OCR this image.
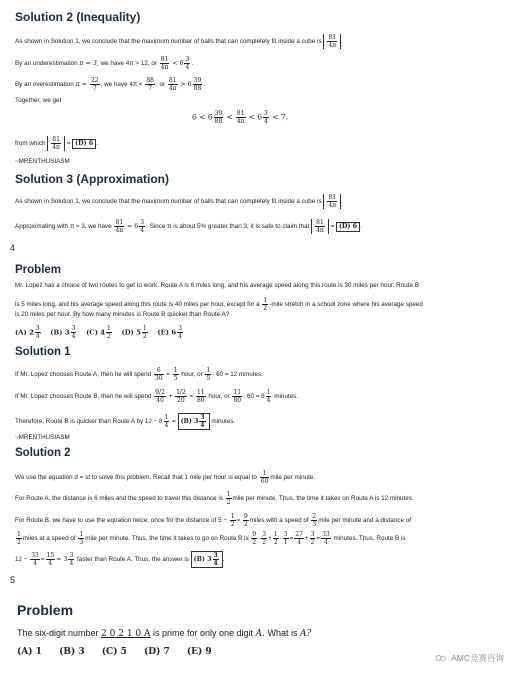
Solution 2 (Inequality)
As shown in Solution 1, we conclude that the maximum number of balls that can completely fit inside a cube is $\frac{81}{4\pi}$ .
By an underestimation π ≈ 3, we have 4π > 12, or $\frac{81}{4\pi} < 6 \frac{3}{4}$ .
By an overestimation $\pi \approx \frac{22}{7}$ , we have $4\pi < \frac{88}{7}$ , or $\frac{81}{4\pi} > 6 \frac{39}{88}$ .
Together, we get
$6 < 6 \frac{39}{88} < \frac{81}{4\pi} < 6 \frac{3}{4} < 7$,
from which $\frac{81}{4\pi} = (D)$ 6 .
~MRENTHUSIASM
Solution 3 (Approximation)
As shown in Solution 1, we conclude that the maximum number of balls that can completely fit inside a cube is $\frac{81}{4\pi}$ .
Approximating with π ≈ 3, we have $\frac{81}{4\pi} \approx 6 \frac{3}{4}$ . Since π is about 5% greater than 3, it is safe to claim that $\frac{81}{4\pi} = (D)$ 6 .
4
Problem
Mr. Lopez has a choice of two routes to get to work. Route A is 6 miles long, and his average speed along this route is 30 miles per hour. Route B
is 5 miles long, and his average speed along this route is 40 miles per hour, except for a $\frac{1}{2}$ -mile stretch in a school zone where his average speed
is 20 miles per hour. By how many minutes is Route B quicker than Route A?
(A) $2 \frac{3}{4} (B)$ $3 \frac{3}{4} (C)$ $4 \frac{1}{2} (D)$ $5 \frac{1}{2} (E)$ $6 \frac{3}{4}$
Solution 1
If Mr. Lopez chooses Route A, then he will spend $\frac{6}{30} = \frac{1}{5}$ hour, or $\frac{1}{5} \cdot 60 = 12$ minutes.
If Mr. Lopez chooses Route B, then he will spend $\frac{9/2}{40} + \frac{1/2}{20} = \frac{11}{80}$ hour, or $\frac{11}{80} \cdot 60 = 8 \frac{1}{4}$ minutes.
Therefore, Route B is quicker than Route A by $12 - 8 \frac{1}{4} = (B)$ $3 \frac{3}{4}$ minutes.
~MRENTHUSIASM
Solution 2
We use the equation d = st to solve this problem. Recall that 1 mile per hour is equal to $\frac{1}{60}$ mile per minute.
For Route A, the distance is 6 miles and the speed to travel this distance is $\frac{1}{2}$ mile per minute. Thus, the time it takes on Route A is 12 minutes.
For Route B, we have to use the equation twice: once for the distance of $5 - \frac{1}{2} = \frac{9}{2}$ miles with a speed of $\frac{2}{3}$ mile per minute and a distance of
$\frac{1}{2}$ miles at a speed of $\frac{1}{3}$ mile per minute. Thus, the time it takes to go on Route B is $\frac{9}{2} \cdot \frac{3}{2} + \frac{1}{2} \cdot \frac{3}{1} = \frac{27}{4} + \frac{3}{2} = \frac{33}{4}$ minutes. Thus, Route B is
$12 - \frac{33}{4} = \frac{15}{4} = 3 \frac{3}{4}$ faster than Route A. Thus, the answer is (B) $3 \frac{3}{4}$ .
5
Problem
The six-digit number 2 0 2 1 0 A is prime for only one digit A. What is A?
(A) 1 (B) 3 (C) 5 (D) 7 (E) 9
AMC竞赛咨询
